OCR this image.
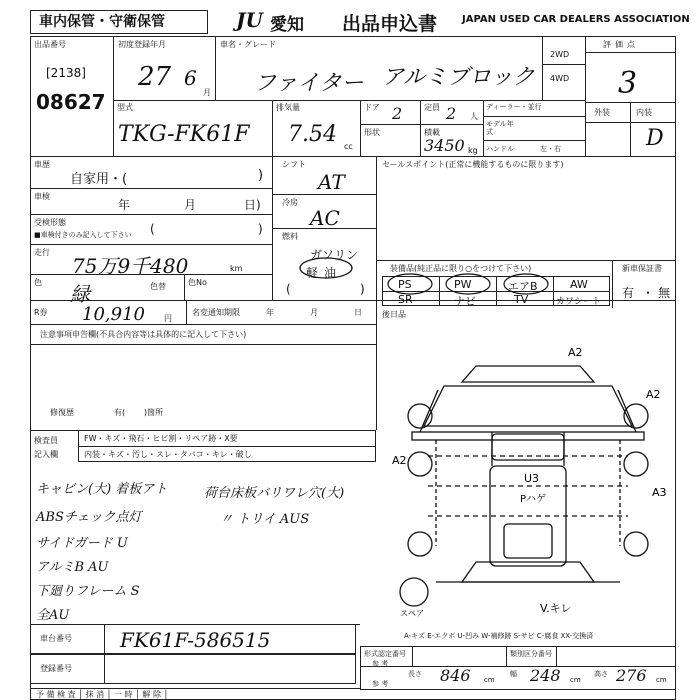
車内保管・守衛保管	JU 愛知 出品申込書 JAPAN USED CAR DEALERS ASSOCIATION
出品番号
[2138]
08627
初度登録年月
27 6
月
車名・グレード
ファイター アルミブロック
2WD
4WD
評価点
3
外装	内装
D
型式
TKG-FK61F
排気量
7.54 cc
ドア 2	定員 2 人
形状	積載
3450 kg
ディーラー・並行
モデル年式
ハンドル	左・右
車歴
自家用・(	)
車検
年	月	日)
受検形態
■車検付きのみ記入して下さい (	)
走行
75万9千480	km
色 緑	色替	色No
シフト
AT
冷房
AC
燃料
ガソリン
軽油
(	)
セールスポイント(正常に機能するものに限ります)
装備品(純正品に限り○をつけて下さい)	新車保証書
有 ・ 無
PS	PW	エアB	AW
SR	ナビ	TV	カワシート
R券 10,910 円
名変通知期限	年	月	日	後日品
注意事項申告欄(不具合内容等は具体的に記入して下さい)
修復歴	有( )箇所
検査員
記入欄
FW・キズ・飛石・ヒビ割・リペア跡・X要
内装・キズ・汚し・スレ・タバコ・キレ・破し
キャビン(大) 着板アト	荷台床板バリワレ穴(大)
ABSチェック点灯	〃 トリイ AUS
サイドガード U
アルミB AU
下廻りフレーム S
全AU
A2
A2
A2
A3
U3
Pハゲ
V.キレ
スペア
A-キズ E-エクボ U-凹み W-補修跡 S-サビ C-腐食 XX-交換済
車台番号 FK61F-586515
登録番号
形式認定番号
参 考
類別区分番号
参 考
長さ 846 cm
幅 248 cm
高さ 276 cm
予 備 検 査 │ 抹 消 │ 一 時 │ 解 除 │
